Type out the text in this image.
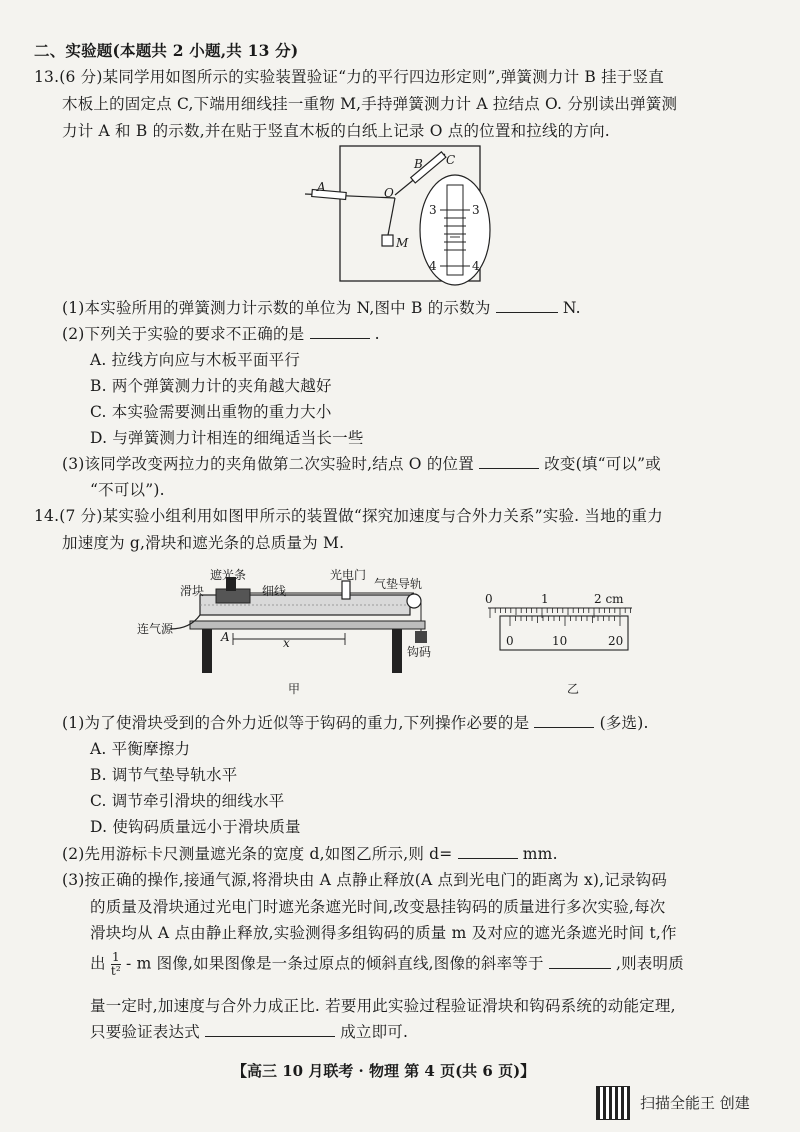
二、实验题(本题共 2 小题,共 13 分)
13.(6 分)某同学用如图所示的实验装置验证“力的平行四边形定则”,弹簧测力计 B 挂于竖直
木板上的固定点 C,下端用细线挂一重物 M,手持弹簧测力计 A 拉结点 O. 分别读出弹簧测
力计 A 和 B 的示数,并在贴于竖直木板的白纸上记录 O 点的位置和拉线的方向.
A
B C
O
M
3	3
4	4
(1)本实验所用的弹簧测力计示数的单位为 N,图中 B 的示数为	N.
(2)下列关于实验的要求不正确的是	.
A. 拉线方向应与木板平面平行
B. 两个弹簧测力计的夹角越大越好
C. 本实验需要测出重物的重力大小
D. 与弹簧测力计相连的细绳适当长一些
(3)该同学改变两拉力的夹角做第二次实验时,结点 O 的位置	改变(填“可以”或
“不可以”).
14.(7 分)某实验小组利用如图甲所示的装置做“探究加速度与合外力关系”实验. 当地的重力
加速度为 g,滑块和遮光条的总质量为 M.
遮光条
滑块	细线
光电门
气垫导轨
连气源
A	x
钩码
甲
0	1	2 cm
0	10	20
乙
(1)为了使滑块受到的合外力近似等于钩码的重力,下列操作必要的是	(多选).
A. 平衡摩擦力
B. 调节气垫导轨水平
C. 调节牵引滑块的细线水平
D. 使钩码质量远小于滑块质量
(2)先用游标卡尺测量遮光条的宽度 d,如图乙所示,则 d=	mm.
(3)按正确的操作,接通气源,将滑块由 A 点静止释放(A 点到光电门的距离为 x),记录钩码
的质量及滑块通过光电门时遮光条遮光时间,改变悬挂钩码的质量进行多次实验,每次
滑块均从 A 点由静止释放,实验测得多组钩码的质量 m 及对应的遮光条遮光时间 t,作
出 $\frac{1}{\text{t²}}$ - m 图像,如果图像是一条过原点的倾斜直线,图像的斜率等于	,则表明质
量一定时,加速度与合外力成正比. 若要用此实验过程验证滑块和钩码系统的动能定理,
只要验证表达式	成立即可.
【高三 10 月联考 · 物理 第 4 页(共 6 页)】
扫描全能王 创建
